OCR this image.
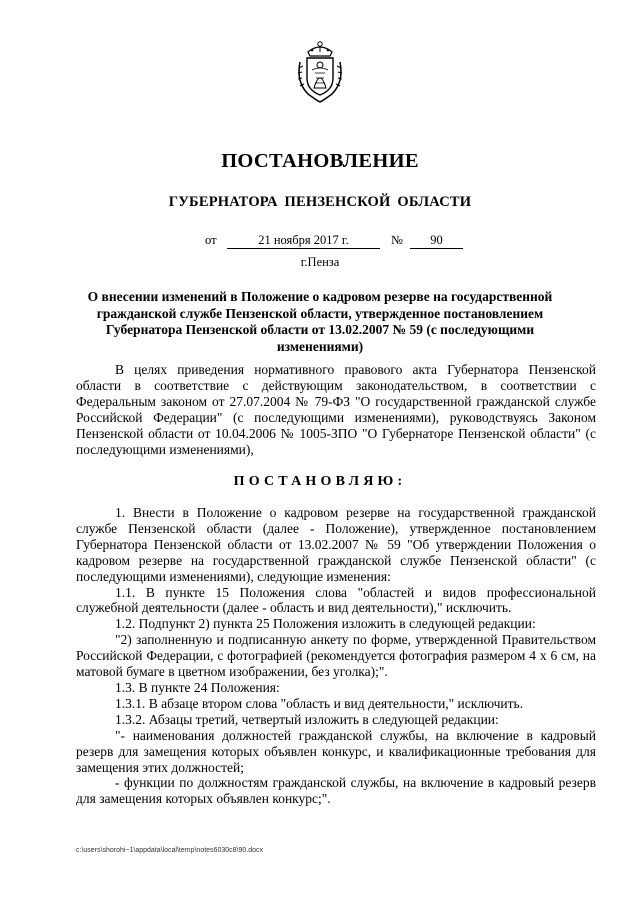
ПОСТАНОВЛЕНИЕ
ГУБЕРНАТОРА ПЕНЗЕНСКОЙ ОБЛАСТИ
от	21 ноября 2017 г.	№	90
г.Пенза
О внесении изменений в Положение о кадровом резерве на государственной гражданской службе Пензенской области, утвержденное постановлением Губернатора Пензенской области от 13.02.2007 № 59 (с последующими изменениями)

В целях приведения нормативного правового акта Губернатора Пензенской области в соответствие с действующим законодательством, в соответствии с Федеральным законом от 27.07.2004 № 79-ФЗ "О государственной гражданской службе Российской Федерации" (с последующими изменениями), руководствуясь Законом Пензенской области от 10.04.2006 № 1005-ЗПО "О Губернаторе Пензенской области" (с последующими изменениями),

ПОСТАНОВЛЯЮ:

1. Внести в Положение о кадровом резерве на государственной гражданской службе Пензенской области (далее - Положение), утвержденное постановлением Губернатора Пензенской области от 13.02.2007 № 59 "Об утверждении Положения о кадровом резерве на государственной гражданской службе Пензенской области" (с последующими изменениями), следующие изменения:

1.1. В пункте 15 Положения слова "областей и видов профессиональной служебной деятельности (далее - область и вид деятельности)," исключить.

1.2. Подпункт 2) пункта 25 Положения изложить в следующей редакции:

"2) заполненную и подписанную анкету по форме, утвержденной Правительством Российской Федерации, с фотографией (рекомендуется фотография размером 4 x 6 см, на матовой бумаге в цветном изображении, без уголка);".

1.3. В пункте 24 Положения:

1.3.1. В абзаце втором слова "область и вид деятельности," исключить.

1.3.2. Абзацы третий, четвертый изложить в следующей редакции:

"- наименования должностей гражданской службы, на включение в кадровый резерв для замещения которых объявлен конкурс, и квалификационные требования для замещения этих должностей;

- функции по должностям гражданской службы, на включение в кадровый резерв для замещения которых объявлен конкурс;".

c:\users\shorohi~1\appdata\local\temp\notes6030c8\90.docx
